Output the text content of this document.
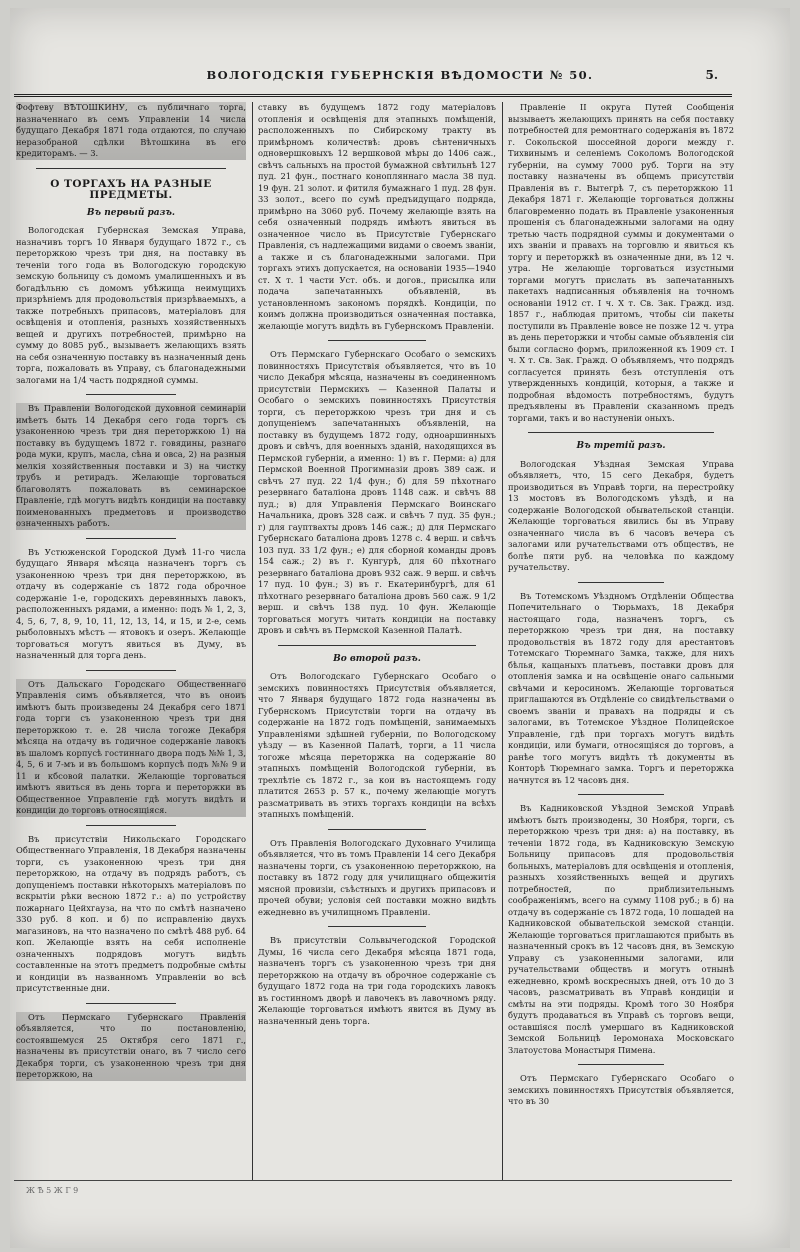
ВОЛОГОДСКІЯ ГУБЕРНСКІЯ ВѢДОМОСТИ № 50.	5.

Фофтеву ВѢТОШКИНУ, съ публичнаго торга, назначеннаго въ семъ Управленіи 14 числа будущаго Декабря 1871 года отдаются, по случаю неразобраной сдѣлки Вѣтошкина въ его кредиторамъ. — 3.

О ТОРГАХЪ НА РАЗНЫЕ ПРЕДМЕТЫ.
Въ первый разъ.

Вологодская Губернская Земская Управа, назначивъ торгъ 10 Января будущаго 1872 г., съ переторжкою чрезъ три дня, на поставку въ теченіи того года въ Вологодскую городскую земскую больницу съ домомъ умалишенныхъ и въ богадѣльню съ домомъ убѣжища неимущихъ призрѣніемъ для продовольствія призрѣваемыхъ, а также потребныхъ припасовъ, матеріаловъ для освѣщенія и отопленія, разныхъ хозяйственныхъ вещей и другихъ потребностей, примѣрно на сумму до 8085 руб., вызываетъ желающихъ взять на себя означенную поставку въ назначенный день торга, пожаловать въ Управу, съ благонадежными залогами на 1/4 часть подрядной суммы.

Въ Правленіи Вологодской духовной семинаріи имѣетъ быть 14 Декабря сего года торгъ съ узаконенною чрезъ три дня переторжкою 1) на поставку въ будущемъ 1872 г. говядины, разнаго рода муки, крупъ, масла, сѣна и овса, 2) на разныя мелкія хозяйственныя поставки и 3) на чистку трубъ и ретирадъ. Желающіе торговаться благоволятъ пожаловать въ семинарское Правленіе, гдѣ могутъ видѣть кондиціи на поставку поименованныхъ предметовъ и производство означенныхъ работъ.

Въ Устюженской Городской Думѣ 11-го числа будущаго Января мѣсяца назначенъ торгъ съ узаконенною чрезъ три дня переторжкою, въ отдачу въ содержаніе съ 1872 года оброчное содержаніе 1-е, городскихъ деревянныхъ лавокъ, расположенныхъ рядами, а именно: подъ № 1, 2, 3, 4, 5, 6, 7, 8, 9, 10, 11, 12, 13, 14, и 15, и 2-е, семь рыболовныхъ мѣстъ — ятовокъ и озеръ. Желающіе торговаться могутъ явиться въ Думу, въ назначенный для торга день.

Отъ Дальскаго Городскаго Общественнаго Управленія симъ объявляется, что въ оноиъ имѣютъ быть произведены 24 Декабря сего 1871 года торги съ узаконенною чрезъ три дня переторжкою т. е. 28 числа тогоже Декабря мѣсяца на отдачу въ годичное содержаніе лавокъ въ шаломъ корпусѣ гостиннаго двора подъ №№ 1, 3, 4, 5, 6 и 7-мъ и въ большомъ корпусѣ подъ №№ 9 и 11 и кбсовой палатки. Желающіе торговаться имѣютъ явиться въ день торга и переторжки въ Общественное Управленіе гдѣ могутъ видѣть и кондиціи до торговъ относящіяся.

Въ присутствіи Никольскаго Городскаго Общественнаго Управленія, 18 Декабря назначены торги, съ узаконенною чрезъ три дня переторжкою, на отдачу въ подрядъ работъ, съ допущеніемъ поставки нѣкоторыхъ матеріаловъ по вскрытіи рѣки весною 1872 г.: а) по устройству пожарнаго Цейхгауза, на что по смѣтѣ назначено 330 руб. 8 коп. и б) по исправленію двухъ магазиновъ, на что назначено по смѣтѣ 488 руб. 64 коп. Желающіе взять на себя исполненіе означенныхъ подрядовъ могутъ видѣть составленные на этотъ предметъ подробные смѣты и кондиціи въ названномъ Управленіи во всѣ присутственные дни.

Отъ Пермскаго Губернскаго Правленія объявляется, что по постановленію, состоявшемуся 25 Октября сего 1871 г., назначены въ присутствіи онаго, въ 7 число сего Декабря торги, съ узаконенною чрезъ три дня переторжкою, на

ставку въ будущемъ 1872 году матеріаловъ отопленія и освѣщенія для этапныхъ помѣщеній, расположенныхъ по Сибирскому тракту въ примѣрномъ количествѣ: дровъ сѣнтеничныхъ одновершковыхъ 12 вершковой мѣры до 1406 саж., свѣчъ сальныхъ на простой бумажной свѣтильнѣ 127 пуд. 21 фун., постнаго конопляннаго масла 38 пуд. 19 фун. 21 золот. и фитиля бумажнаго 1 пуд. 28 фун. 33 золот., всего по сумѣ предъидущаго подряда, примѣрно на 3060 руб. Почему желающіе взять на себя означенный подрядъ имѣютъ явиться въ означенное число въ Присутствіе Губернскаго Правленія, съ надлежащими видами о своемъ званіи, а также и съ благонадежными залогами. При торгахъ этихъ допускается, на основаніи 1935—1940 ст. Х т. 1 части Уст. объ. и догов., присылка или подача запечатанныхъ объявленій, въ установленномъ закономъ порядкѣ. Кондиціи, по коимъ должна производиться означенная поставка, желающіе могутъ видѣть въ Губернскомъ Правленіи.

Отъ Пермскаго Губернскаго Особаго о земскихъ повинностяхъ Присутствія объявляется, что въ 10 число Декабря мѣсяца, назначены въ соединенномъ присутствіи Пермскихъ — Казенной Палаты и Особаго о земскихъ повинностяхъ Присутствія торги, съ переторжкою чрезъ три дня и съ допущеніемъ запечатанныхъ объявленій, на поставку въ будущемъ 1872 году, одноаршинныхъ дровъ и свѣчъ, для военныхъ зданій, находящихся въ Пермской губерніи, а именно: 1) въ г. Перми: а) для Пермской Военной Прогимназіи дровъ 389 саж. и свѣчъ 27 пуд. 22 1/4 фун.; б) для 59 пѣхотнаго резервнаго баталіона дровъ 1148 саж. и свѣчъ 88 пуд.; в) для Управленія Пермскаго Воинскаго Начальника, дровъ 328 саж. и свѣчъ 7 пуд. 35 фун.; г) для гауптвахты дровъ 146 саж.; д) для Пермскаго Губернскаго баталіона дровъ 1278 с. 4 верш. и свѣчъ 103 пуд. 33 1/2 фун.; е) для сборной команды дровъ 154 саж.; 2) въ г. Кунгурѣ, для 60 пѣхотнаго резервнаго баталіона дровъ 932 саж. 9 верш. и свѣчъ 17 пуд. 10 фун.; 3) въ г. Екатеринбургѣ, для 61 пѣхотнаго резервнаго баталіона дровъ 560 саж. 9 1/2 верш. и свѣчъ 138 пуд. 10 фун. Желающіе торговаться могутъ читать кондиціи на поставку дровъ и свѣчъ въ Пермской Казенной Палатѣ.

Во второй разъ.

Отъ Вологодскаго Губернскаго Особаго о земскихъ повинностяхъ Присутствія объявляется, что 7 Января будущаго 1872 года назначены въ Губернскомъ Присутствіи торги на отдачу въ содержаніе на 1872 годъ помѣщеній, занимаемыхъ Управленіями здѣшней губерніи, по Вологодскому уѣзду — въ Казенной Палатѣ, торги, а 11 числа тогоже мѣсяца переторжка на содержаніе 80 этапныхъ помѣщеній Вологодской губерніи, въ трехлѣтіе съ 1872 г., за кои въ настоящемъ году платится 2653 р. 57 к., почему желающіе могутъ разсматривать въ этихъ торгахъ кондиціи на всѣхъ этапныхъ помѣщеній.

Отъ Правленія Вологодскаго Духовнаго Училища объявляется, что въ томъ Правленіи 14 сего Декабря назначены торги, съ узаконенною переторжкою, на поставку въ 1872 году для училищнаго общежитія мясной провизіи, съѣстныхъ и другихъ припасовъ и прочей обуви; условія сей поставки можно видѣть ежедневно въ училищномъ Правленіи.

Въ присутствіи Сольвычегодской Городской Думы, 16 числа сего Декабря мѣсяца 1871 года, назначенъ торгъ съ узаконенною чрезъ три дня переторжкою на отдачу въ оброчное содержаніе съ будущаго 1872 года на три года городскихъ лавокъ въ гостинномъ дворѣ и лавочекъ въ лавочномъ ряду. Желающіе торговаться имѣютъ явится въ Думу въ назначенный день торга.

Правленіе II округа Путей Сообщенія вызываетъ желающихъ принять на себя поставку потребностей для ремонтнаго содержанія въ 1872 г. Сокольской шоссейной дороги между г. Тихвинымъ и селеніемъ Соколомъ Вологодской губерніи, на сумму 7000 руб. Торги на эту поставку назначены въ общемъ присутствіи Правленія въ г. Вытегрѣ 7, съ переторжкою 11 Декабря 1871 г. Желающіе торговаться должны благовременно подать въ Правленіе узаконенныя прошенія съ благонадежными залогами на одну третью часть подрядной суммы и документами о ихъ званіи и правахъ на торговлю и явиться къ торгу и переторжкѣ въ означенные дни, въ 12 ч. утра. Не желающіе торговаться изустными торгами могутъ прислать въ запечатанныхъ пакетахъ надписанныя объявленія на точномъ основаніи 1912 ст. I ч. Х т. Св. Зак. Гражд. изд. 1857 г., наблюдая притомъ, чтобы сіи пакеты поступили въ Правленіе вовсе не позже 12 ч. утра въ день переторжки и чтобы самые объявленія сіи были согласно формъ, приложенной къ 1909 ст. I ч. Х т. Св. Зак. Гражд. О объявляемъ, что подрядъ согласуется принять безъ отступленія отъ утвержденныхъ кондицій, которыя, а также и подробная вѣдомость потребностямъ, будутъ предъявлены въ Правленіи сказанномъ предъ торгами, такъ и во настуненіи оныхъ.

Въ третій разъ.

Вологодская Уѣздная Земская Управа объявляетъ, что, 15 сего Декабря, будетъ производиться въ Управѣ торги, на перестройку 13 мостовъ въ Вологодскомъ уѣздѣ, и на содержаніе Вологодской обывательской станціи. Желающіе торговаться явились бы въ Управу означеннаго числа въ 6 часовъ вечера съ залогами или ручательствами отъ обществъ, не болѣе пяти руб. на человѣка по каждому ручательству.

Въ Тотемскомъ Уѣздномъ Отдѣленіи Общества Попечительнаго о Тюрьмахъ, 18 Декабря настоящаго года, назначенъ торгъ, съ переторжкою чрезъ три дня, на поставку продовольствія въ 1872 году для арестантовъ Тотемскаго Тюремнаго Замка, также, для нихъ бѣлья, кащаныхъ платьевъ, поставки дровъ для отопленія замка и на освѣщеніе онаго сальными свѣчами и керосиномъ. Желающіе торговаться приглашаются въ Отдѣленіе со свидѣтельствами о своемъ званіи и правахъ на подряды и съ залогами, въ Тотемское Уѣздное Полицейское Управленіе, гдѣ при торгахъ могутъ видѣть кондиціи, или бумаги, относящіяся до торговъ, а ранѣе того могутъ видѣть тѣ документы въ Конторѣ Тюремнаго замка. Торгъ и переторжка начнутся въ 12 часовъ дня.

Въ Кадниковской Уѣздной Земской Управѣ имѣютъ быть производены, 30 Ноября, торги, съ переторжкою чрезъ три дня: а) на поставку, въ теченіи 1872 года, въ Кадниковскую Земскую Больницу припасовъ для продовольствія больныхъ, матеріаловъ для освѣщенія и отопленія, разныхъ хозяйственныхъ вещей и другихъ потребностей, по приблизительнымъ соображеніямъ, всего на сумму 1108 руб.; в б) на отдачу въ содержаніе съ 1872 года, 10 лошадей на Кадниковской обывательской земской станціи. Желающіе торговаться приглашаются прибыть въ назначенный срокъ въ 12 часовъ дня, въ Земскую Управу съ узаконенными залогами, или ручательствами обществъ и могутъ отнынѣ ежедневно, кромѣ воскресныхъ дней, отъ 10 до 3 часовъ, разсматривать въ Управѣ кондиціи и смѣты на эти подряды. Кромѣ того 30 Ноября будутъ продаваться въ Управѣ съ торговъ вещи, оставшіяся послѣ умершаго въ Кадниковской Земской Больницѣ Іеромонаха Московскаго Златоустова Монастыря Пимена.

Отъ Пермскаго Губернскаго Особаго о земскихъ повинностяхъ Присутствія объявляется, что въ 30

Ж Ѣ 5 Ж Г 9
